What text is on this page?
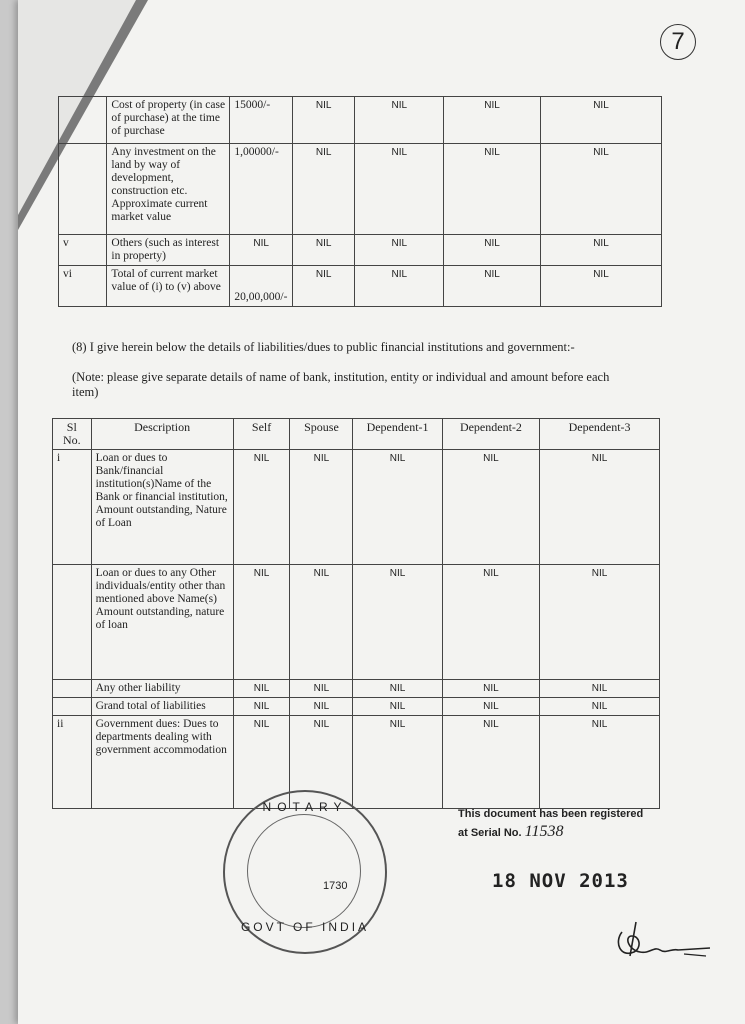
7
	Cost of property (in case of purchase) at the time of purchase	15000/-	NIL	NIL	NIL	NIL
	Any investment on the land by way of development, construction etc. Approximate current market value	1,00000/-	NIL	NIL	NIL	NIL
v	Others (such as interest in property)	NIL	NIL	NIL	NIL	NIL
vi	Total of current market value of (i) to (v) above	20,00,000/-	NIL	NIL	NIL	NIL
(8) I give herein below the details of liabilities/dues to public financial institutions and government:-
(Note: please give separate details of name of bank, institution, entity or individual and amount before each item)
Sl No.	Description	Self	Spouse	Dependent-1	Dependent-2	Dependent-3
i	Loan or dues to Bank/financial institution(s)Name of the Bank or financial institution, Amount outstanding, Nature of Loan	NIL	NIL	NIL	NIL	NIL
	Loan or dues to any Other individuals/entity other than mentioned above Name(s) Amount outstanding, nature of loan	NIL	NIL	NIL	NIL	NIL
	Any other liability	NIL	NIL	NIL	NIL	NIL
	Grand total of liabilities	NIL	NIL	NIL	NIL	NIL
ii	Government dues: Dues to departments dealing with government accommodation	NIL	NIL	NIL	NIL	NIL
NOTARY
1730
GOVT OF INDIA
This document has been registered
at Serial No. 11538
18 NOV 2013
